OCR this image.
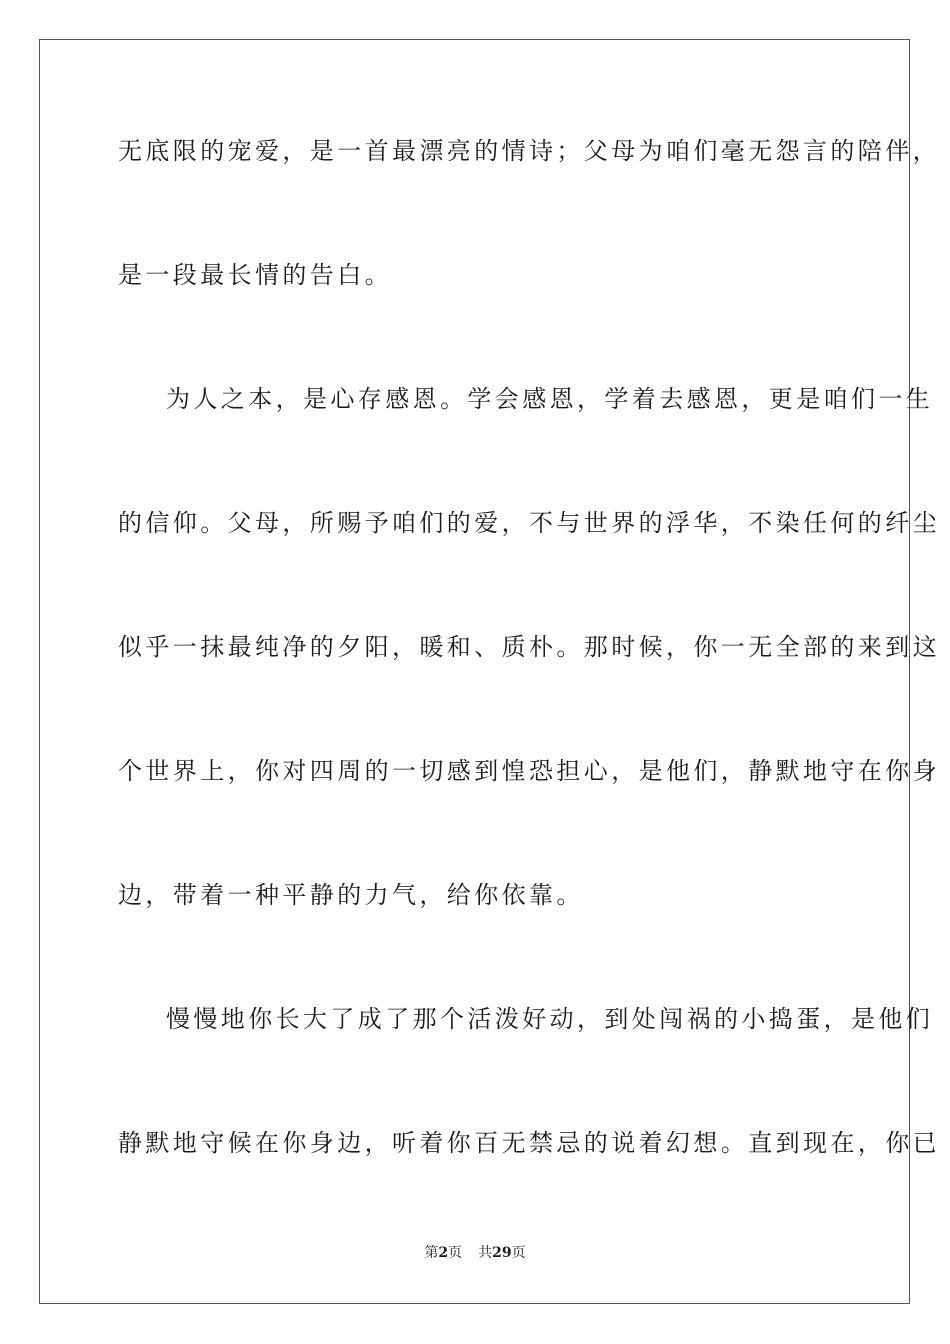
无底限的宠爱，是一首最漂亮的情诗；父母为咱们毫无怨言的陪伴，
是一段最长情的告白。
为人之本，是心存感恩。学会感恩，学着去感恩，更是咱们一生
的信仰。父母，所赐予咱们的爱，不与世界的浮华，不染任何的纤尘
似乎一抹最纯净的夕阳，暖和、质朴。那时候，你一无全部的来到这
个世界上，你对四周的一切感到惶恐担心，是他们，静默地守在你身
边，带着一种平静的力气，给你依靠。
慢慢地你长大了成了那个活泼好动，到处闯祸的小捣蛋，是他们
静默地守候在你身边，听着你百无禁忌的说着幻想。直到现在，你已
第2页 共29页
